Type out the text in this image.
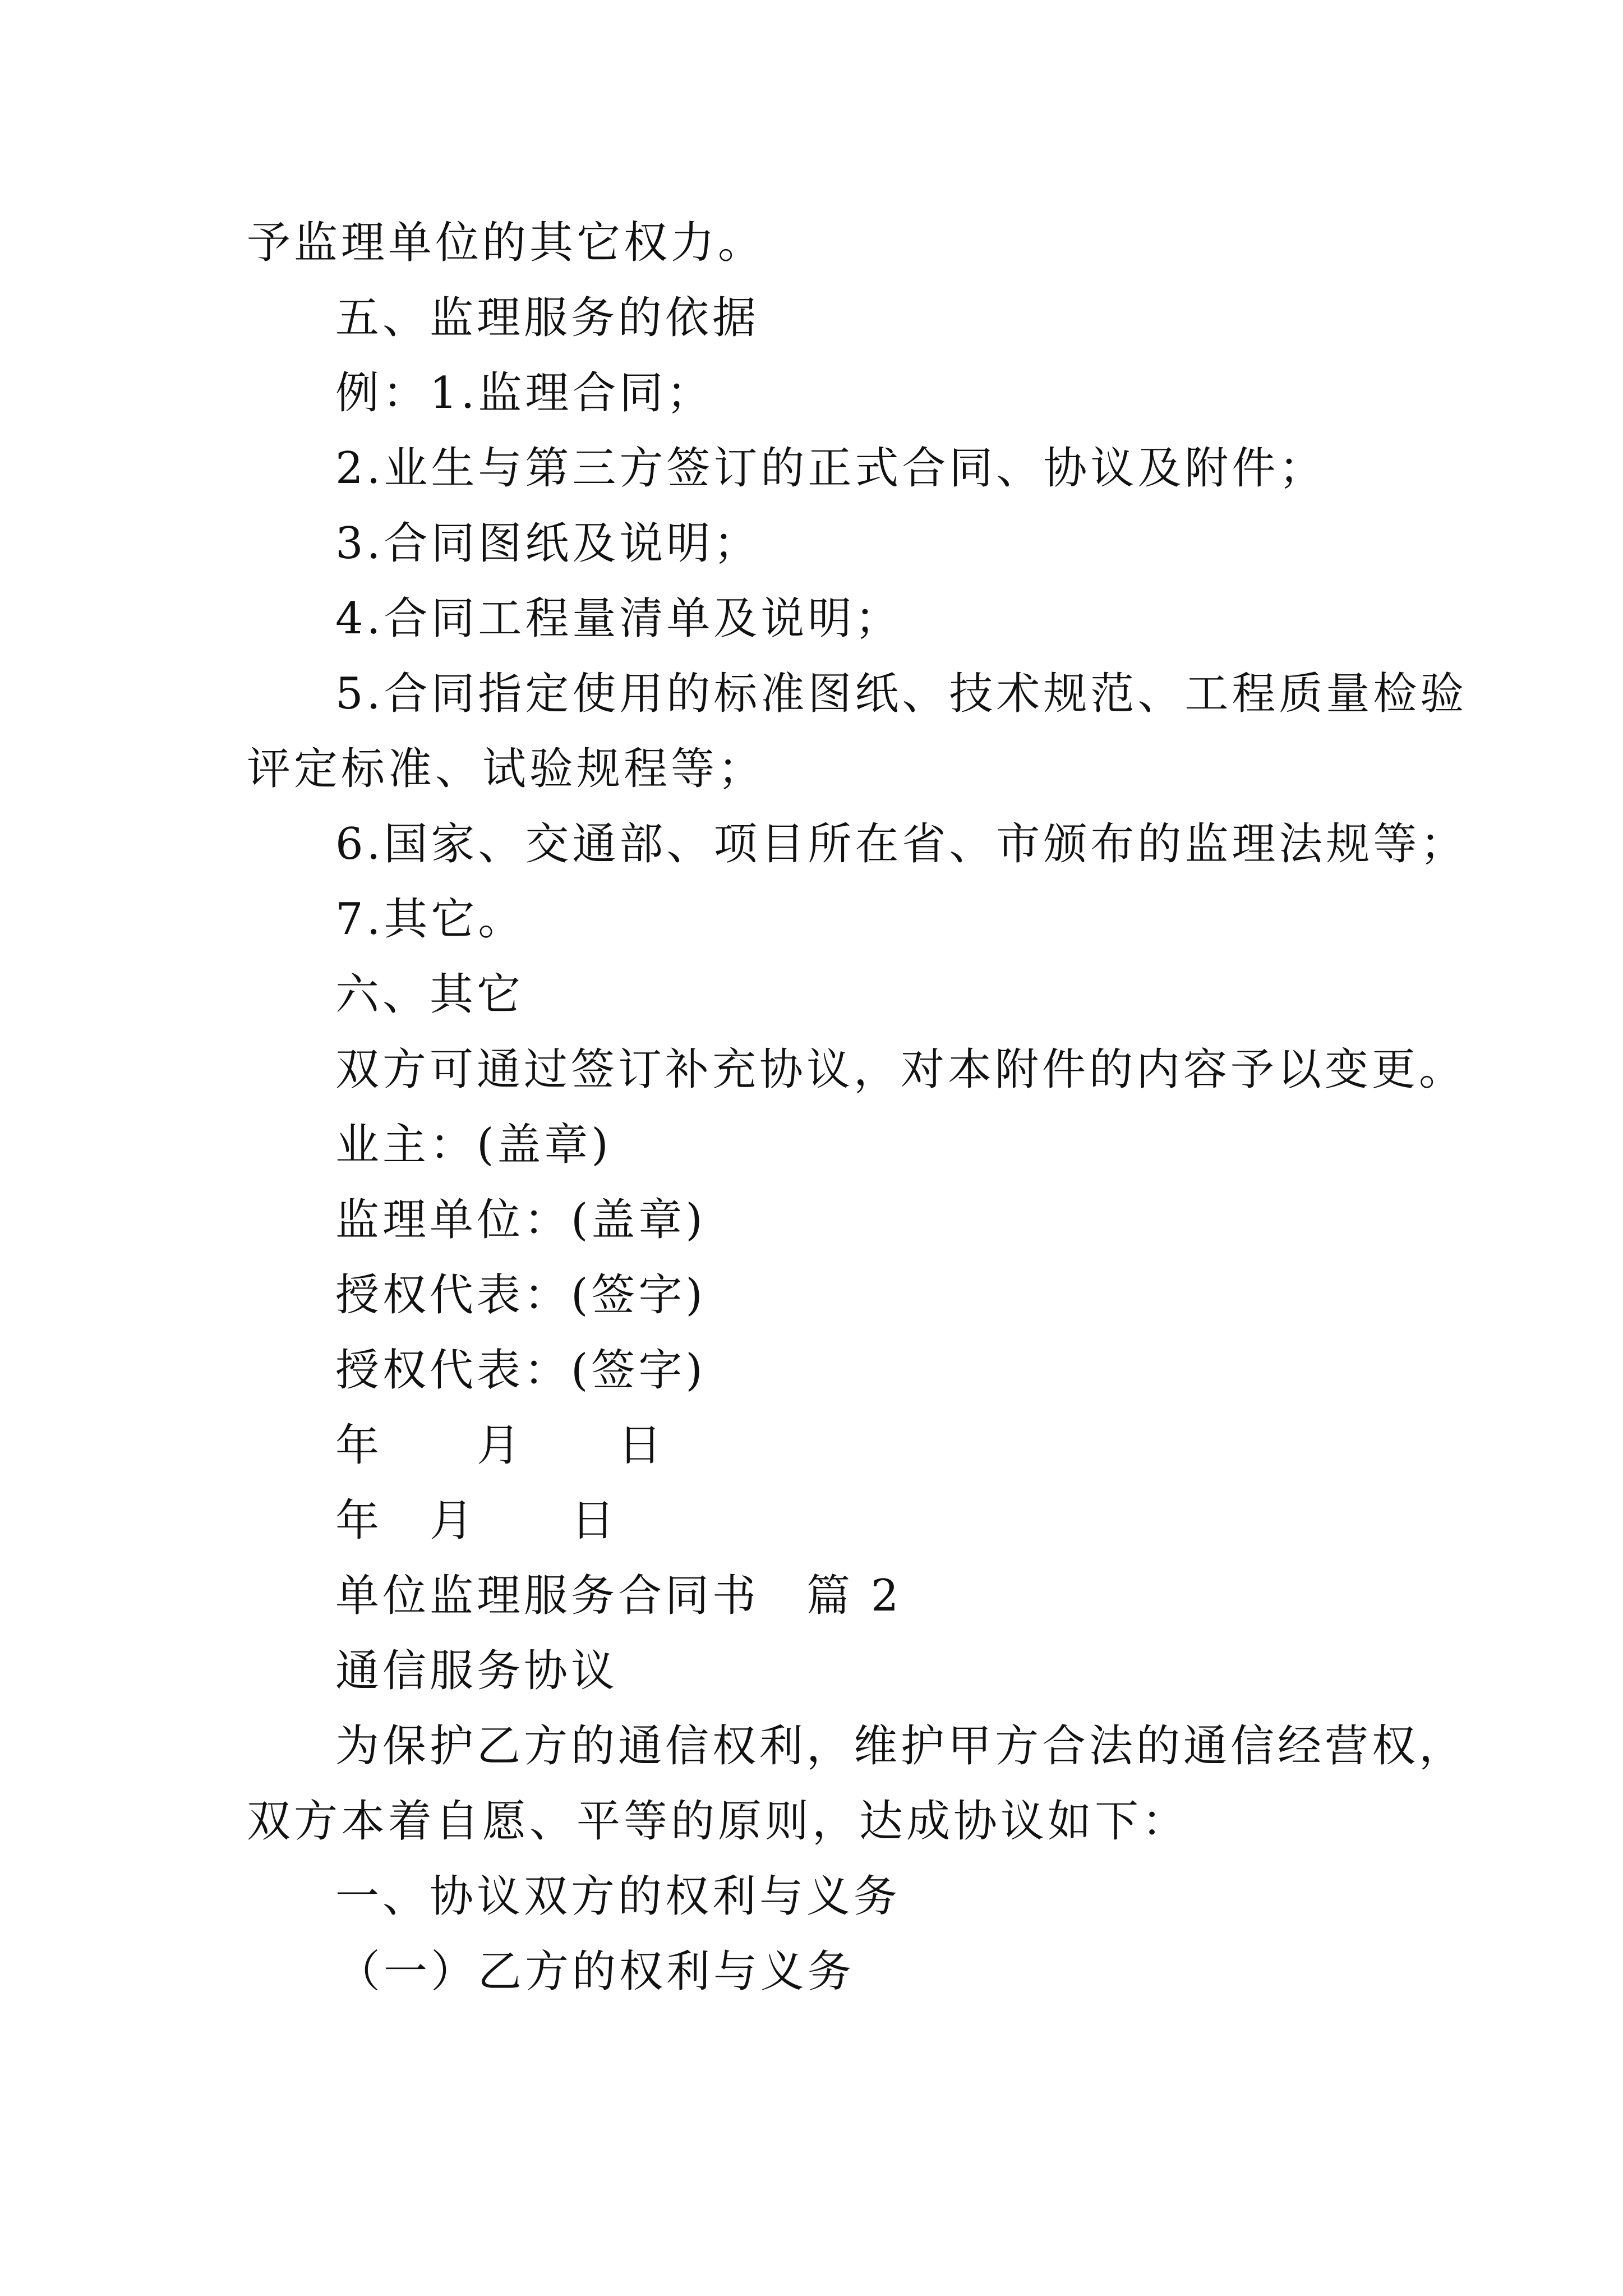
予监理单位的其它权力。
五、监理服务的依据
例：1.监理合同；
2.业生与第三方签订的正式合同、协议及附件；
3.合同图纸及说明；
4.合同工程量清单及说明；
5.合同指定使用的标准图纸、技术规范、工程质量检验
评定标准、试验规程等；
6.国家、交通部、项目所在省、市颁布的监理法规等；
7.其它。
六、其它
双方可通过签订补充协议，对本附件的内容予以变更。
业主：(盖章)
监理单位：(盖章)
授权代表：(签字)
授权代表：(签字)
年　　月　　日
年　月　　日
单位监理服务合同书　篇 2
通信服务协议
为保护乙方的通信权利，维护甲方合法的通信经营权，
双方本着自愿、平等的原则，达成协议如下：
一、协议双方的权利与义务
（一）乙方的权利与义务
